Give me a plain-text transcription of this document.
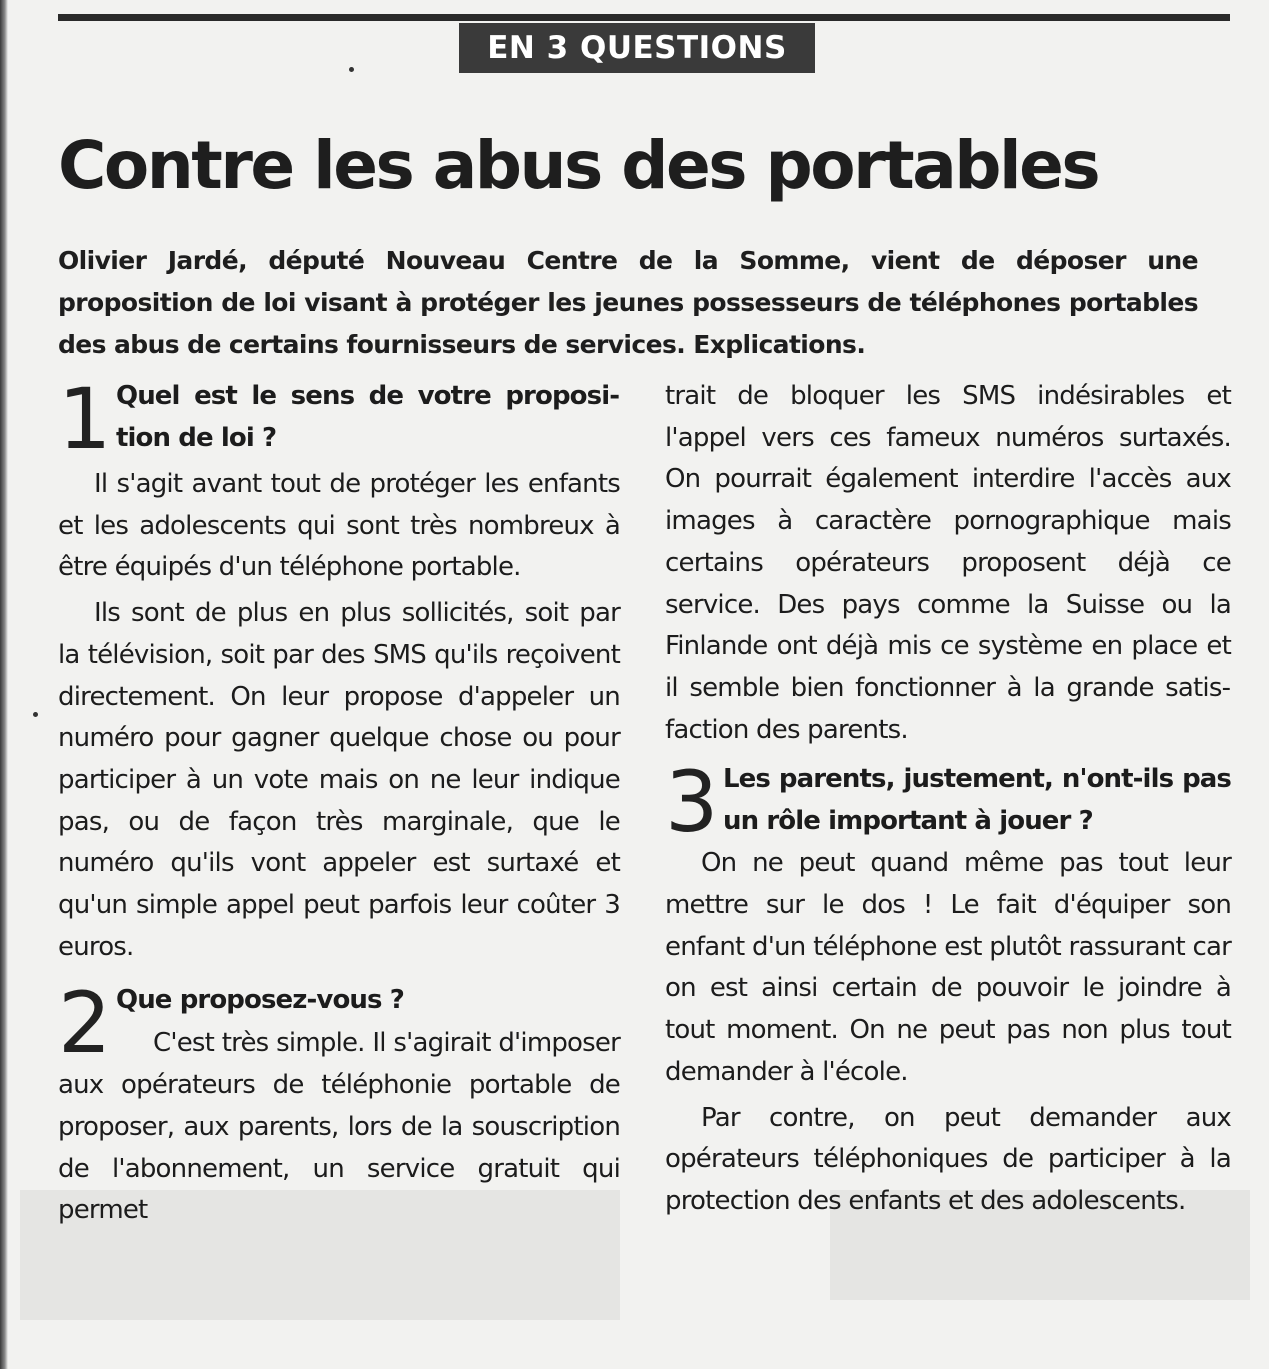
EN 3 QUESTIONS
Contre les abus des portables
Olivier Jardé, député Nouveau Centre de la Somme, vient de déposer une proposition de loi visant à protéger les jeunes possesseurs de téléphones portables des abus de certains fournisseurs de services. Explications.
1 Quel est le sens de votre proposition de loi ?

Il s'agit avant tout de protéger les enfants et les adolescents qui sont très nombreux à être équipés d'un téléphone portable.

Ils sont de plus en plus sollicités, soit par la télévision, soit par des SMS qu'ils reçoivent directement. On leur propose d'appeler un numéro pour gagner quelque chose ou pour participer à un vote mais on ne leur indique pas, ou de façon très marginale, que le numéro qu'ils vont appeler est surtaxé et qu'un simple appel peut parfois leur coûter 3 euros.

2 Que proposez-vous ?

C'est très simple. Il s'agirait d'imposer aux opérateurs de téléphonie portable de proposer, aux parents, lors de la souscription de l'abonnement, un service gratuit qui permet

trait de bloquer les SMS indésirables et l'appel vers ces fameux numéros surtaxés. On pourrait également interdire l'accès aux images à caractère pornographique mais certains opérateurs proposent déjà ce service. Des pays comme la Suisse ou la Finlande ont déjà mis ce système en place et il semble bien fonctionner à la grande satisfaction des parents.

3 Les parents, justement, n'ont-ils pas un rôle important à jouer ?

On ne peut quand même pas tout leur mettre sur le dos ! Le fait d'équiper son enfant d'un téléphone est plutôt rassurant car on est ainsi certain de pouvoir le joindre à tout moment. On ne peut pas non plus tout demander à l'école.

Par contre, on peut demander aux opérateurs téléphoniques de participer à la protection des enfants et des adolescents.
